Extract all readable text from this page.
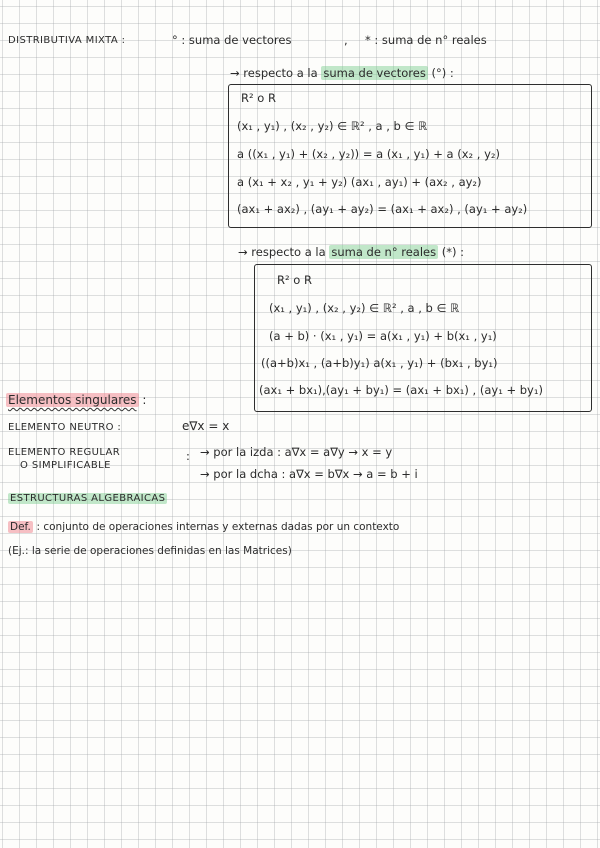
DISTRIBUTIVA MIXTA :	° : suma de vectores	, * : suma de n° reales
→ respecto a la suma de vectores (°) :
R² o R
(x₁ , y₁) , (x₂ , y₂) ∈ ℝ² , a , b ∈ ℝ
a ((x₁ , y₁) + (x₂ , y₂)) = a (x₁ , y₁) + a (x₂ , y₂)
a (x₁ + x₂ , y₁ + y₂) (ax₁ , ay₁) + (ax₂ , ay₂)
(ax₁ + ax₂) , (ay₁ + ay₂) = (ax₁ + ax₂) , (ay₁ + ay₂)
→ respecto a la suma de n° reales (*) :
R² o R
(x₁ , y₁) , (x₂ , y₂) ∈ ℝ² , a , b ∈ ℝ
(a + b) · (x₁ , y₁) = a(x₁ , y₁) + b(x₁ , y₁)
((a+b)x₁ , (a+b)y₁) a(x₁ , y₁) + (bx₁ , by₁)
(ax₁ + bx₁),(ay₁ + by₁) = (ax₁ + bx₁) , (ay₁ + by₁)
Elementos singulares :
ELEMENTO NEUTRO :	e∇x = x
ELEMENTO REGULAR
O SIMPLIFICABLE
: → por la izda : a∇x = a∇y → x = y
→ por la dcha : a∇x = b∇x → a = b + i
ESTRUCTURAS ALGEBRAICAS
Def. : conjunto de operaciones internas y externas dadas por un contexto
(Ej.: la serie de operaciones definidas en las Matrices)
